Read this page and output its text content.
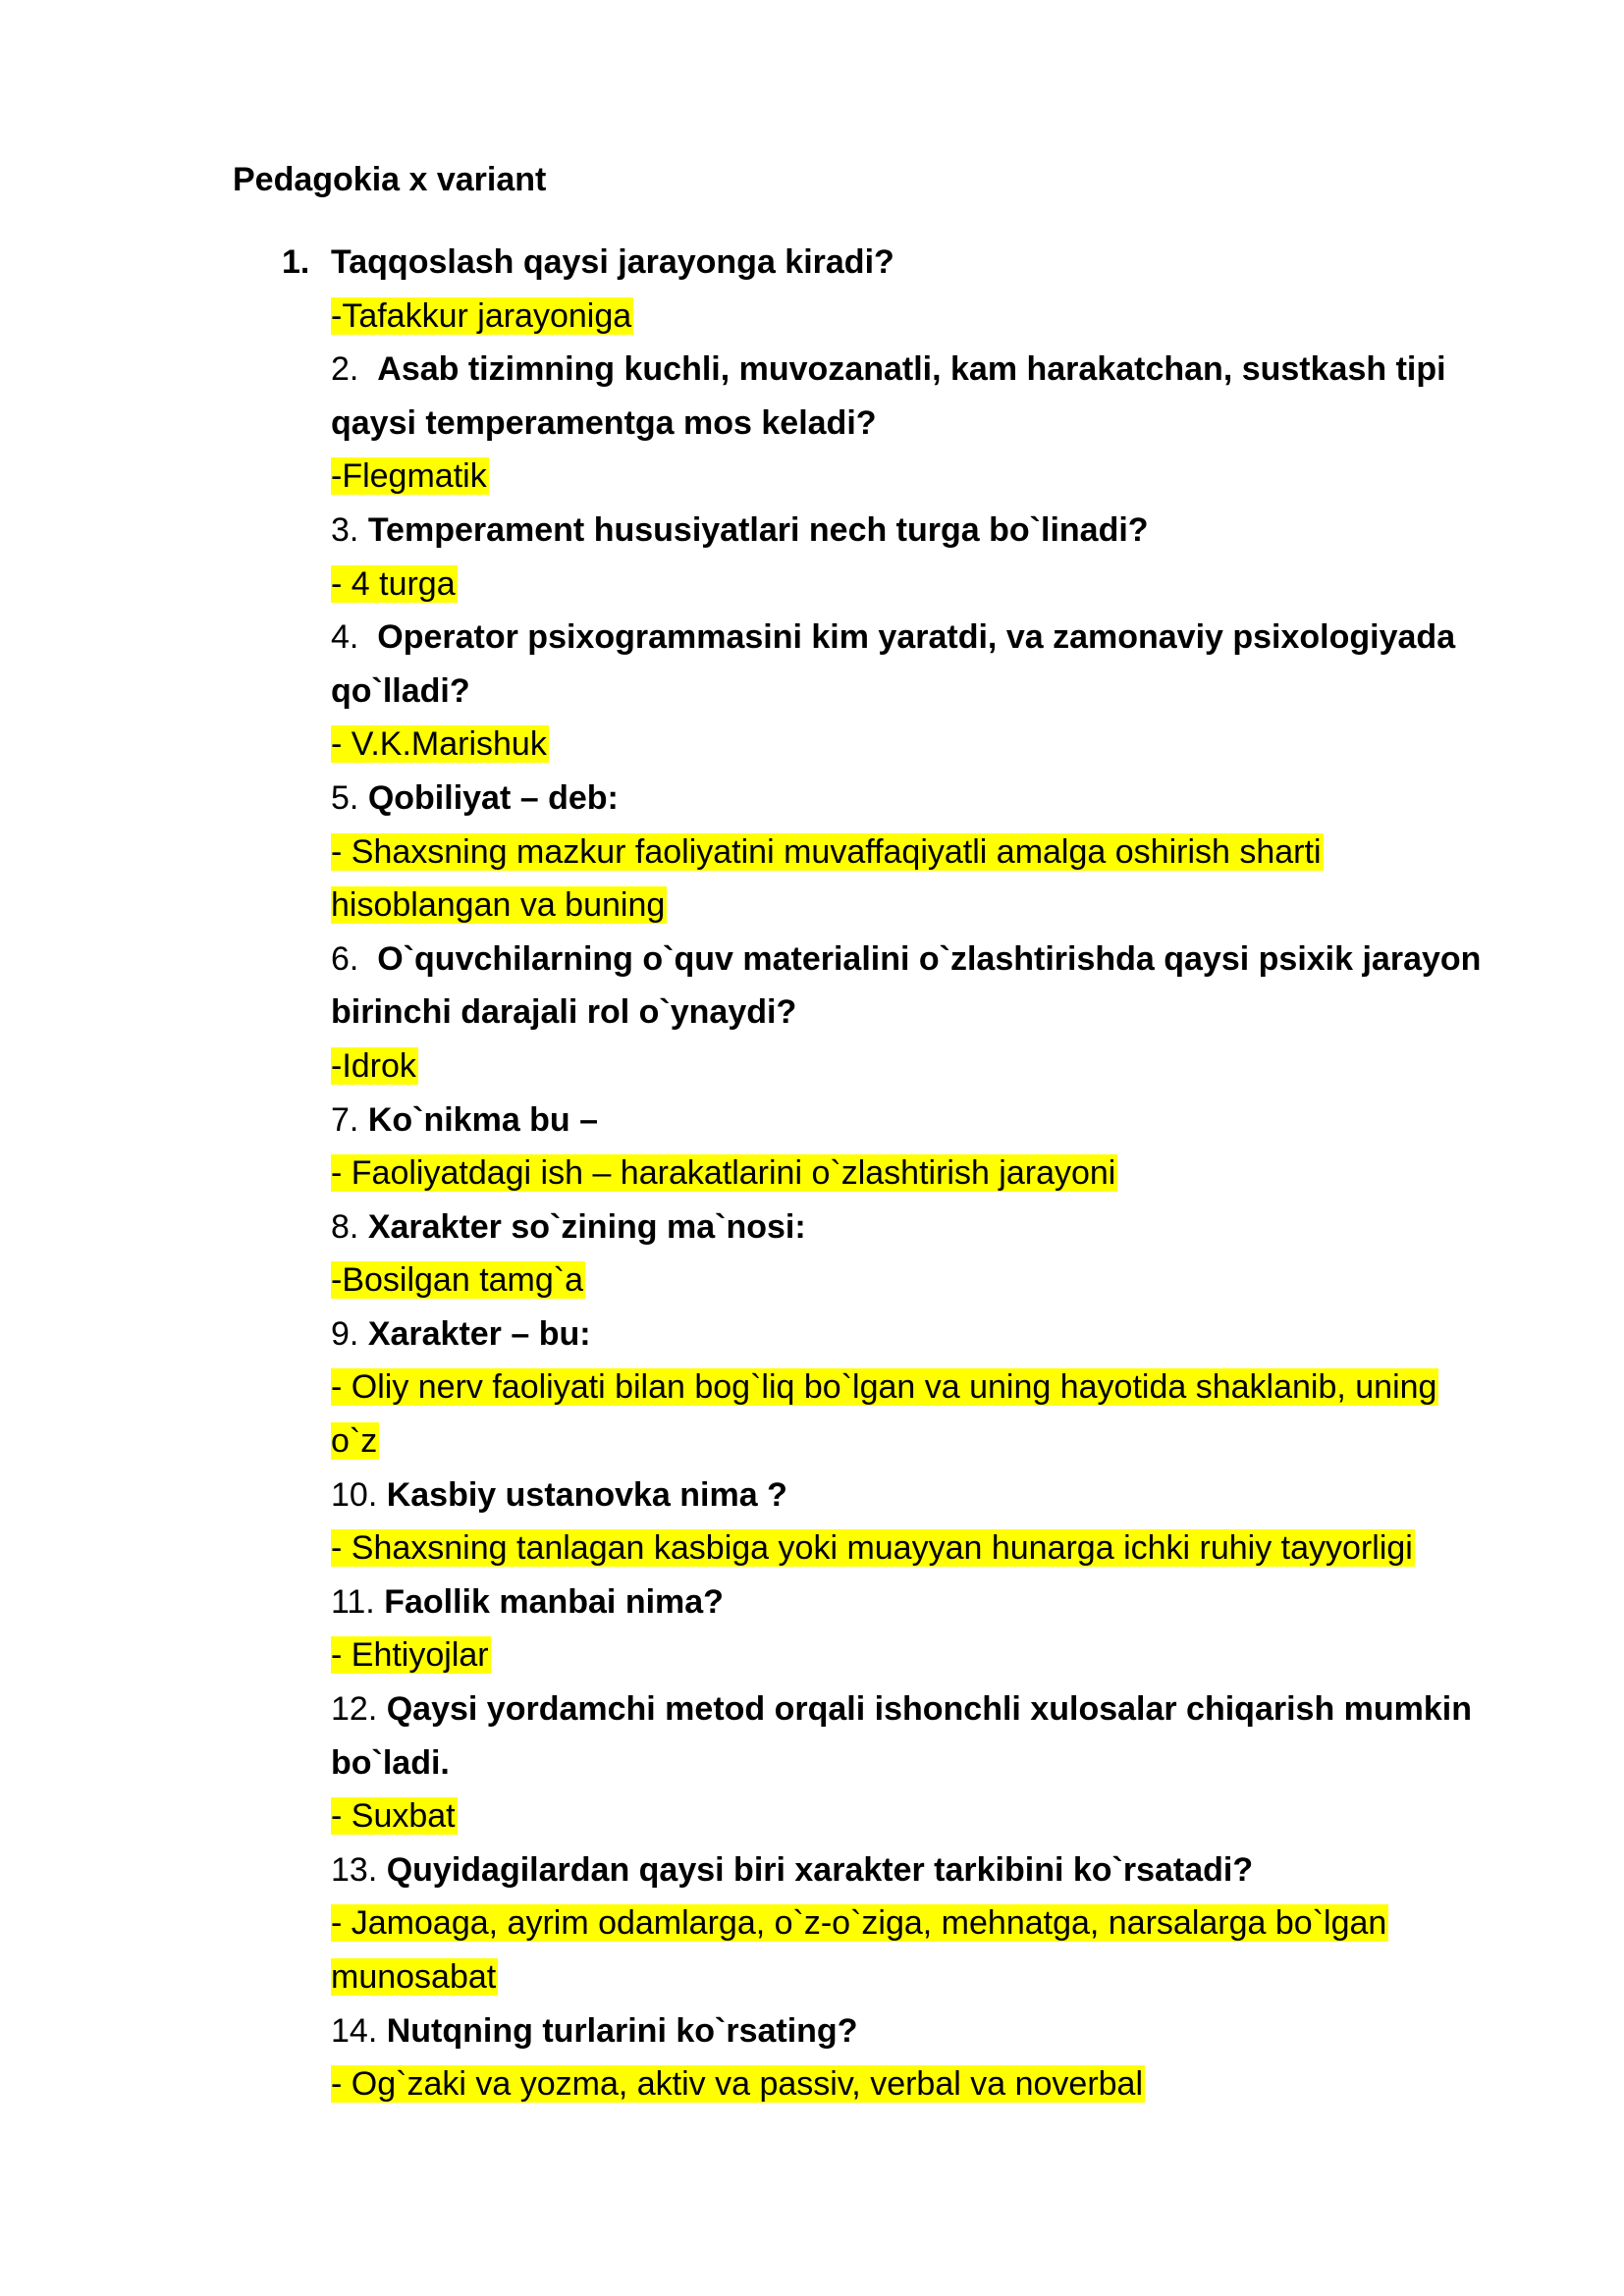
Pedagokia x variant
1. Taqqoslash qaysi jarayonga kiradi?
-Tafakkur jarayoniga
2. Asab tizimning kuchli, muvozanatli, kam harakatchan, sustkash tipi
qaysi temperamentga mos keladi?
-Flegmatik
3. Temperament hususiyatlari nech turga bo`linadi?
- 4 turga
4. Operator psixogrammasini kim yaratdi, va zamonaviy psixologiyada
qo`lladi?
- V.K.Marishuk
5. Qobiliyat – deb:
- Shaxsning mazkur faoliyatini muvaffaqiyatli amalga oshirish sharti
hisoblangan va buning
6. O`quvchilarning o`quv materialini o`zlashtirishda qaysi psixik jarayon
birinchi darajali rol o`ynaydi?
-Idrok
7. Ko`nikma bu –
- Faoliyatdagi ish – harakatlarini o`zlashtirish jarayoni
8. Xarakter so`zining ma`nosi:
-Bosilgan tamg`a
9. Xarakter – bu:
- Oliy nerv faoliyati bilan bog`liq bo`lgan va uning hayotida shaklanib, uning
o`z
10. Kasbiy ustanovka nima ?
- Shaxsning tanlagan kasbiga yoki muayyan hunarga ichki ruhiy tayyorligi
11. Faollik manbai nima?
- Ehtiyojlar
12. Qaysi yordamchi metod orqali ishonchli xulosalar chiqarish mumkin
bo`ladi.
- Suxbat
13. Quyidagilardan qaysi biri xarakter tarkibini ko`rsatadi?
- Jamoaga, ayrim odamlarga, o`z-o`ziga, mehnatga, narsalarga bo`lgan
munosabat
14. Nutqning turlarini ko`rsating?
- Og`zaki va yozma, aktiv va passiv, verbal va noverbal
